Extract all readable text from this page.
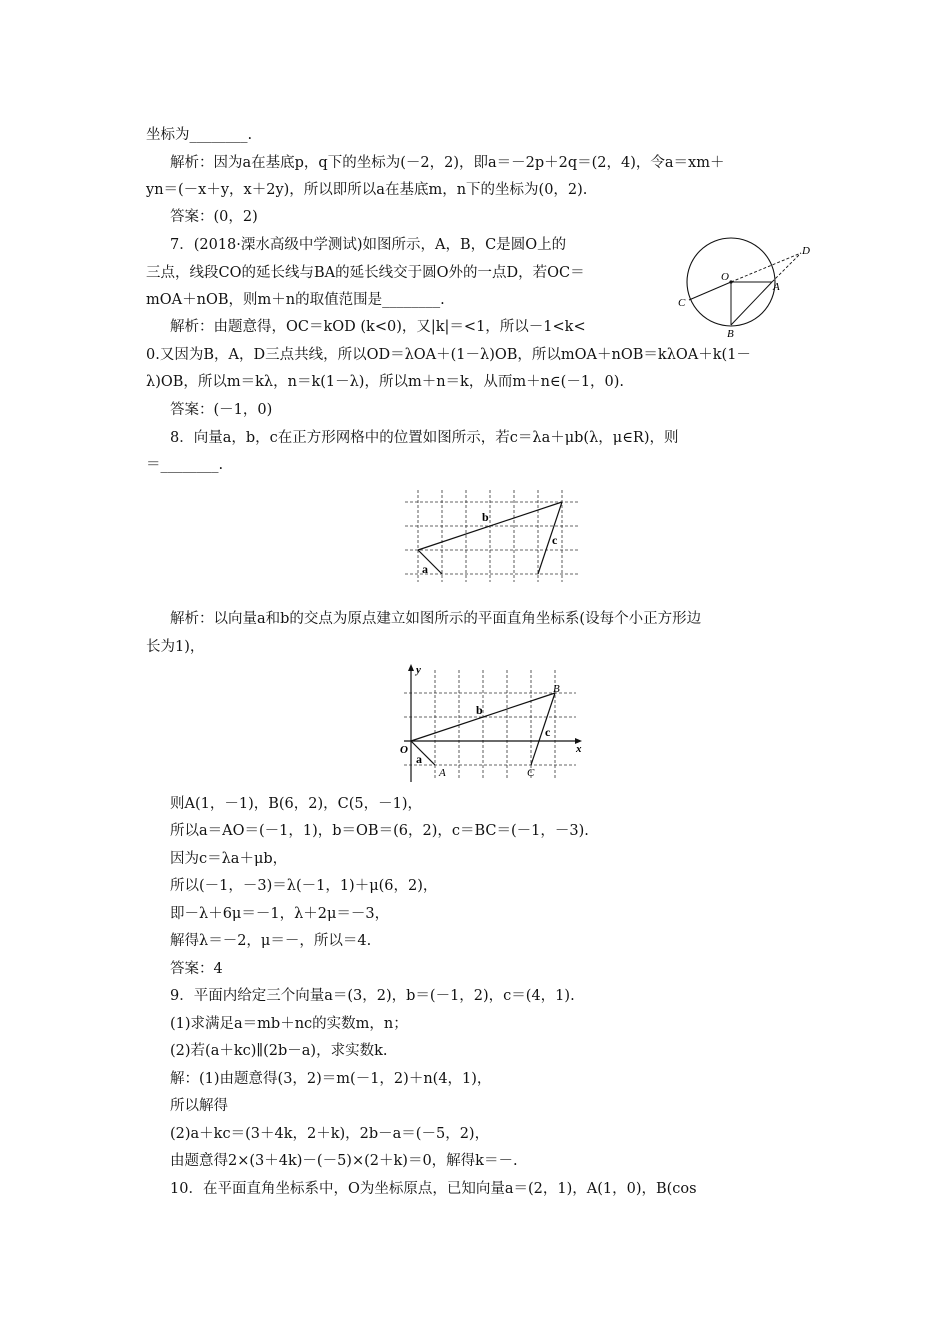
坐标为________.
解析：因为a在基底p，q下的坐标为(－2，2)，即a＝－2p＋2q＝(2，4)，令a＝xm＋
yn＝(－x＋y，x＋2y)，所以即所以a在基底m，n下的坐标为(0，2).
答案：(0，2)
7．(2018·溧水高级中学测试)如图所示，A，B，C是圆O上的
三点，线段CO的延长线与BA的延长线交于圆O外的一点D，若OC＝
mOA＋nOB，则m＋n的取值范围是________.
解析：由题意得，OC＝kOD (k<0)，又|k|＝<1，所以－1<k<
0.又因为B，A，D三点共线，所以OD＝λOA＋(1－λ)OB，所以mOA＋nOB＝kλOA＋k(1－
λ)OB，所以m＝kλ，n＝k(1－λ)，所以m＋n＝k，从而m＋n∈(－1，0).
答案：(－1，0)
8．向量a，b，c在正方形网格中的位置如图所示，若c＝λa＋μb(λ，μ∈R)，则
＝________.
O
A
B
C
D
a
b
c
解析：以向量a和b的交点为原点建立如图所示的平面直角坐标系(设每个小正方形边
长为1)，
y
x
O
a
b
c
A
B
C
则A(1，－1)，B(6，2)，C(5，－1)，
所以a＝AO＝(－1，1)，b＝OB＝(6，2)，c＝BC＝(－1，－3).
因为c＝λa＋μb，
所以(－1，－3)＝λ(－1，1)＋μ(6，2)，
即－λ＋6μ＝－1，λ＋2μ＝－3，
解得λ＝－2，μ＝－，所以＝4.
答案：4
9．平面内给定三个向量a＝(3，2)，b＝(－1，2)，c＝(4，1).
(1)求满足a＝mb＋nc的实数m，n；
(2)若(a＋kc)∥(2b－a)，求实数k.
解：(1)由题意得(3，2)＝m(－1，2)＋n(4，1)，
所以解得
(2)a＋kc＝(3＋4k，2＋k)，2b－a＝(－5，2)，
由题意得2×(3＋4k)－(－5)×(2＋k)＝0，解得k＝－.
10．在平面直角坐标系中，O为坐标原点，已知向量a＝(2，1)，A(1，0)，B(cos
